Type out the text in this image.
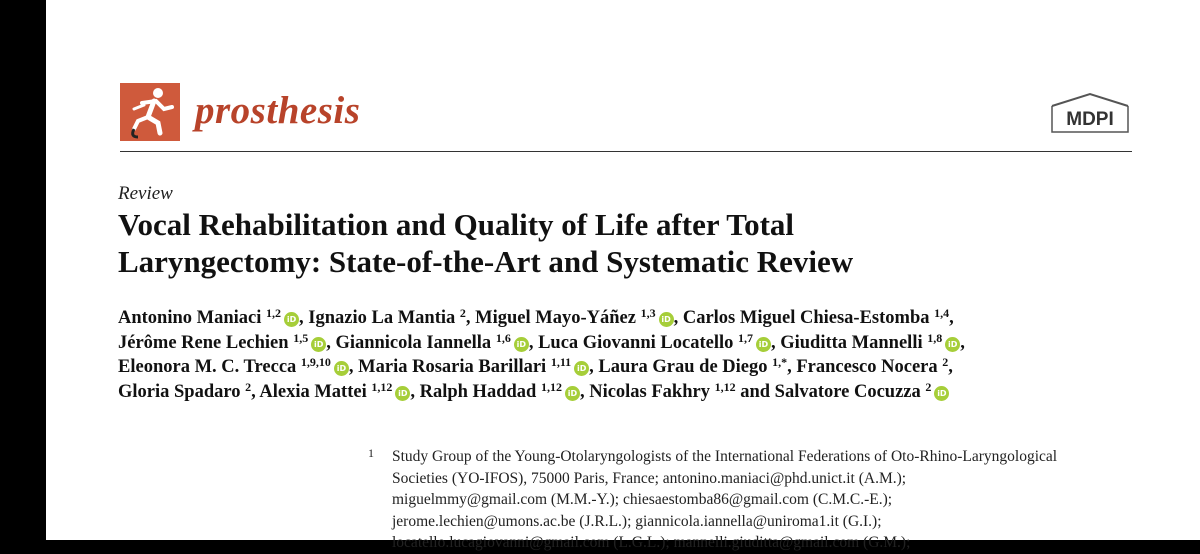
prosthesis	MDPI
Review
Vocal Rehabilitation and Quality of Life after Total
Laryngectomy: State-of-the-Art and Systematic Review
Antonino Maniaci $^{1,2}$ iD , Ignazio La Mantia $^2$, Miguel Mayo-Yáñez $^{1,3}$ iD , Carlos Miguel Chiesa-Estomba $^{1,4}$,
Jérôme Rene Lechien $^{1,5}$ iD , Giannicola Iannella $^{1,6}$ iD , Luca Giovanni Locatello $^{1,7}$ iD , Giuditta Mannelli $^{1,8}$ iD ,
Eleonora M. C. Trecca $^{1,9,10}$ iD , Maria Rosaria Barillari $^{1,11}$ iD , Laura Grau de Diego $^{1,*}$, Francesco Nocera $^2$,
Gloria Spadaro $^2$, Alexia Mattei $^{1,12}$ iD , Ralph Haddad $^{1,12}$ iD , Nicolas Fakhry $^{1,12}$ and Salvatore Cocuzza $^2$ iD
1 Study Group of the Young-Otolaryngologists of the International Federations of Oto-Rhino-Laryngological
Societies (YO-IFOS), 75000 Paris, France; antonino.maniaci@phd.unict.it (A.M.);
miguelmmy@gmail.com (M.M.-Y.); chiesaestomba86@gmail.com (C.M.C.-E.);
jerome.lechien@umons.ac.be (J.R.L.); giannicola.iannella@uniroma1.it (G.I.);
locatello.lucagiovanni@gmail.com (L.G.L.); mannelli.giuditta@gmail.com (G.M.);
